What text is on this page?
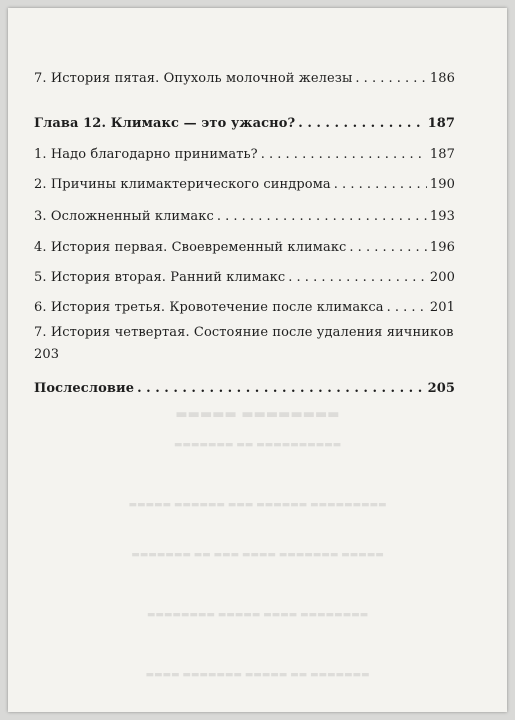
▬▬▬▬▬ ▬▬▬▬▬▬▬▬
▬▬▬▬▬▬▬ ▬▬ ▬▬▬▬▬▬▬▬▬▬
▬▬▬▬▬ ▬▬▬▬▬▬ ▬▬▬ ▬▬▬▬▬▬ ▬▬▬▬▬▬▬▬▬
▬▬▬▬▬▬▬ ▬▬ ▬▬▬ ▬▬▬▬ ▬▬▬▬▬▬▬ ▬▬▬▬▬
▬▬▬▬▬▬▬▬ ▬▬▬▬▬ ▬▬▬▬ ▬▬▬▬▬▬▬▬
▬▬▬▬ ▬▬▬▬▬▬▬ ▬▬▬▬▬ ▬▬ ▬▬▬▬▬▬▬
7. История пятая. Опухоль молочной железы . . .	186
Глава 12. Климакс — это ужасно? . . .	187
1. Надо благодарно принимать? . . .	187
2. Причины климактерического синдрома . . .	190
3. Осложненный климакс . . .	193
4. История первая. Своевременный климакс . . .	196
5. История вторая. Ранний климакс . . .	200
6. История третья. Кровотечение после климакса . . .	201
7. История четвертая. Состояние после удаления яичников
203
Послесловие . . .	205
